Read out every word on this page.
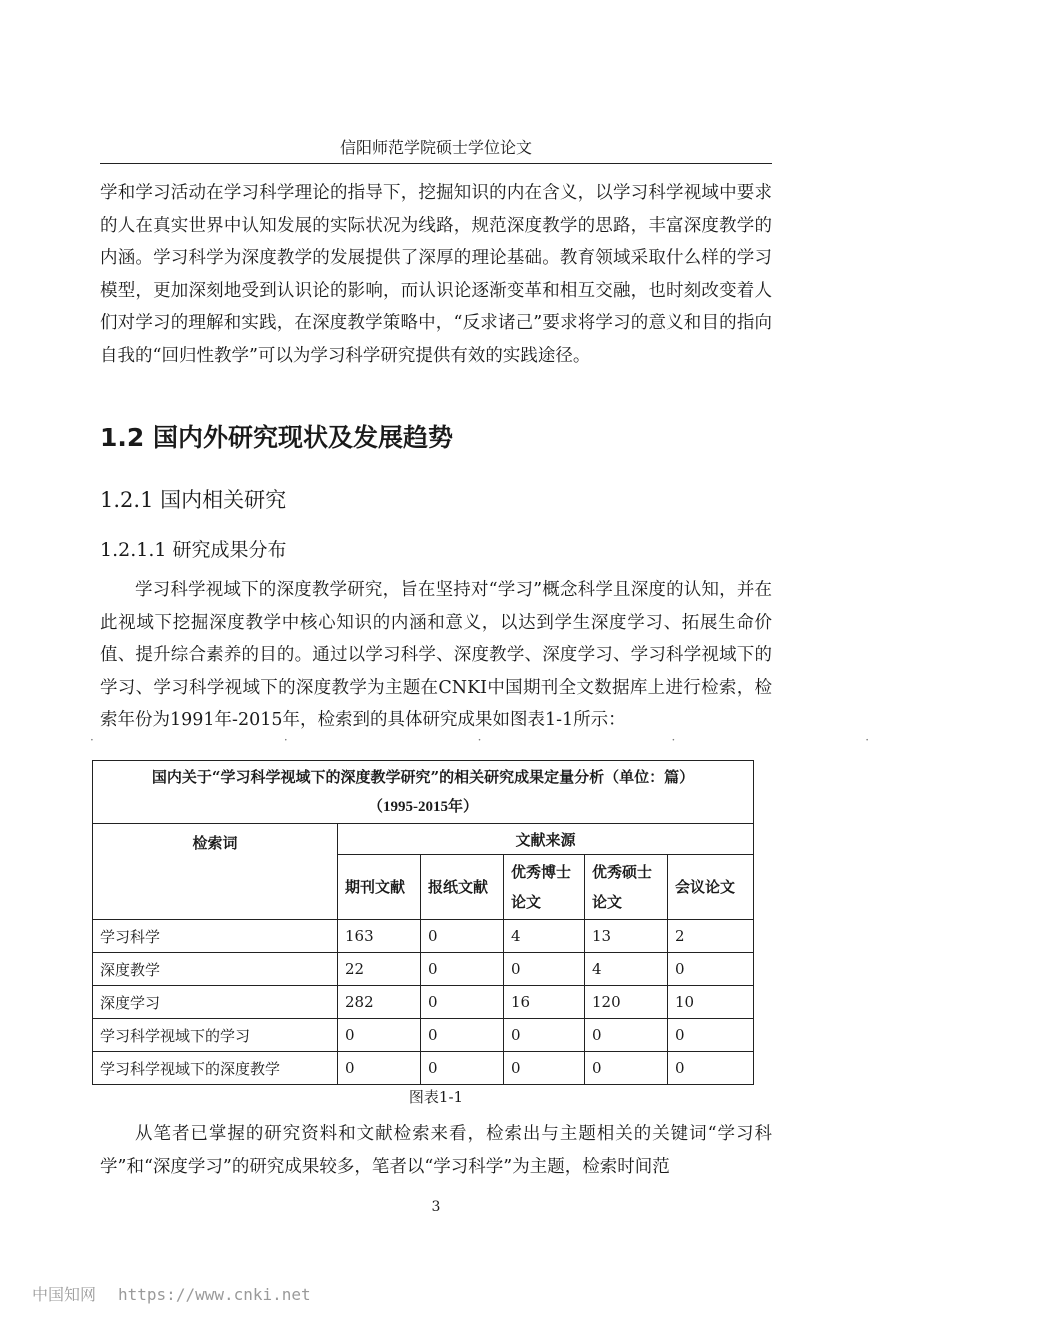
信阳师范学院硕士学位论文
学和学习活动在学习科学理论的指导下，挖掘知识的内在含义，以学习科学视域中要求的人在真实世界中认知发展的实际状况为线路，规范深度教学的思路，丰富深度教学的内涵。学习科学为深度教学的发展提供了深厚的理论基础。教育领域采取什么样的学习模型，更加深刻地受到认识论的影响，而认识论逐渐变革和相互交融，也时刻改变着人们对学习的理解和实践，在深度教学策略中，“反求诸己”要求将学习的意义和目的指向自我的“回归性教学”可以为学习科学研究提供有效的实践途径。
1.2 国内外研究现状及发展趋势
1.2.1 国内相关研究
1.2.1.1 研究成果分布
学习科学视域下的深度教学研究，旨在坚持对“学习”概念科学且深度的认知，并在此视域下挖掘深度教学中核心知识的内涵和意义，以达到学生深度学习、拓展生命价值、提升综合素养的目的。通过以学习科学、深度教学、深度学习、学习科学视域下的学习、学习科学视域下的深度教学为主题在CNKI中国期刊全文数据库上进行检索，检索年份为1991年-2015年，检索到的具体研究成果如图表1-1所示：
·····
国内关于“学习科学视域下的深度教学研究”的相关研究成果定量分析（单位：篇）
（1995-2015年）					

检索词	文献来源				
	期刊文献	报纸文献	优秀博士论文	优秀硕士论文	会议论文
学习科学	163	0	4	13	2
深度教学	22	0	0	4	0
深度学习	282	0	16	120	10
学习科学视域下的学习	0	0	0	0	0
学习科学视域下的深度教学	0	0	0	0	0
图表1-1
从笔者已掌握的研究资料和文献检索来看，检索出与主题相关的关键词“学习科学”和“深度学习”的研究成果较多，笔者以“学习科学”为主题，检索时间范
3
中国知网 https://www.cnki.net
